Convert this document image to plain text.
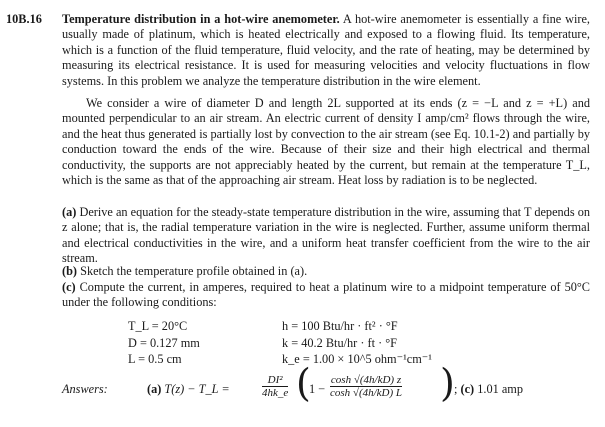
10B.16 Temperature distribution in a hot-wire anemometer. A hot-wire anemometer is essentially a fine wire, usually made of platinum, which is heated electrically and exposed to a flowing fluid. Its temperature, which is a function of the fluid temperature, fluid velocity, and the rate of heating, may be determined by measuring its electrical resistance. It is used for measuring velocities and velocity fluctuations in flow systems. In this problem we analyze the temperature distribution in the wire element.

We consider a wire of diameter D and length 2L supported at its ends (z = −L and z = +L) and mounted perpendicular to an air stream. An electric current of density I amp/cm² flows through the wire, and the heat thus generated is partially lost by convection to the air stream (see Eq. 10.1-2) and partially by conduction toward the ends of the wire. Because of their size and their high electrical and thermal conductivity, the supports are not appreciably heated by the current, but remain at the temperature T_L, which is the same as that of the approaching air stream. Heat loss by radiation is to be neglected.

(a) Derive an equation for the steady-state temperature distribution in the wire, assuming that T depends on z alone; that is, the radial temperature variation in the wire is neglected. Further, assume uniform thermal and electrical conductivities in the wire, and a uniform heat transfer coefficient from the wire to the air stream.

(b) Sketch the temperature profile obtained in (a).

(c) Compute the current, in amperes, required to heat a platinum wire to a midpoint temperature of 50°C under the following conditions:

T_L = 20°C
D = 0.127 mm
L = 0.5 cm
h = 100 Btu/hr · ft² · °F
k = 40.2 Btu/hr · ft · °F
k_e = 1.00 × 10^5 ohm⁻¹cm⁻¹
Answers:	(a) T(z) − T_L =
DI²
4hk_e (
1 −
cosh √(4h/kD) z
cosh √(4h/kD) L ) ; (c) 1.01 amp
